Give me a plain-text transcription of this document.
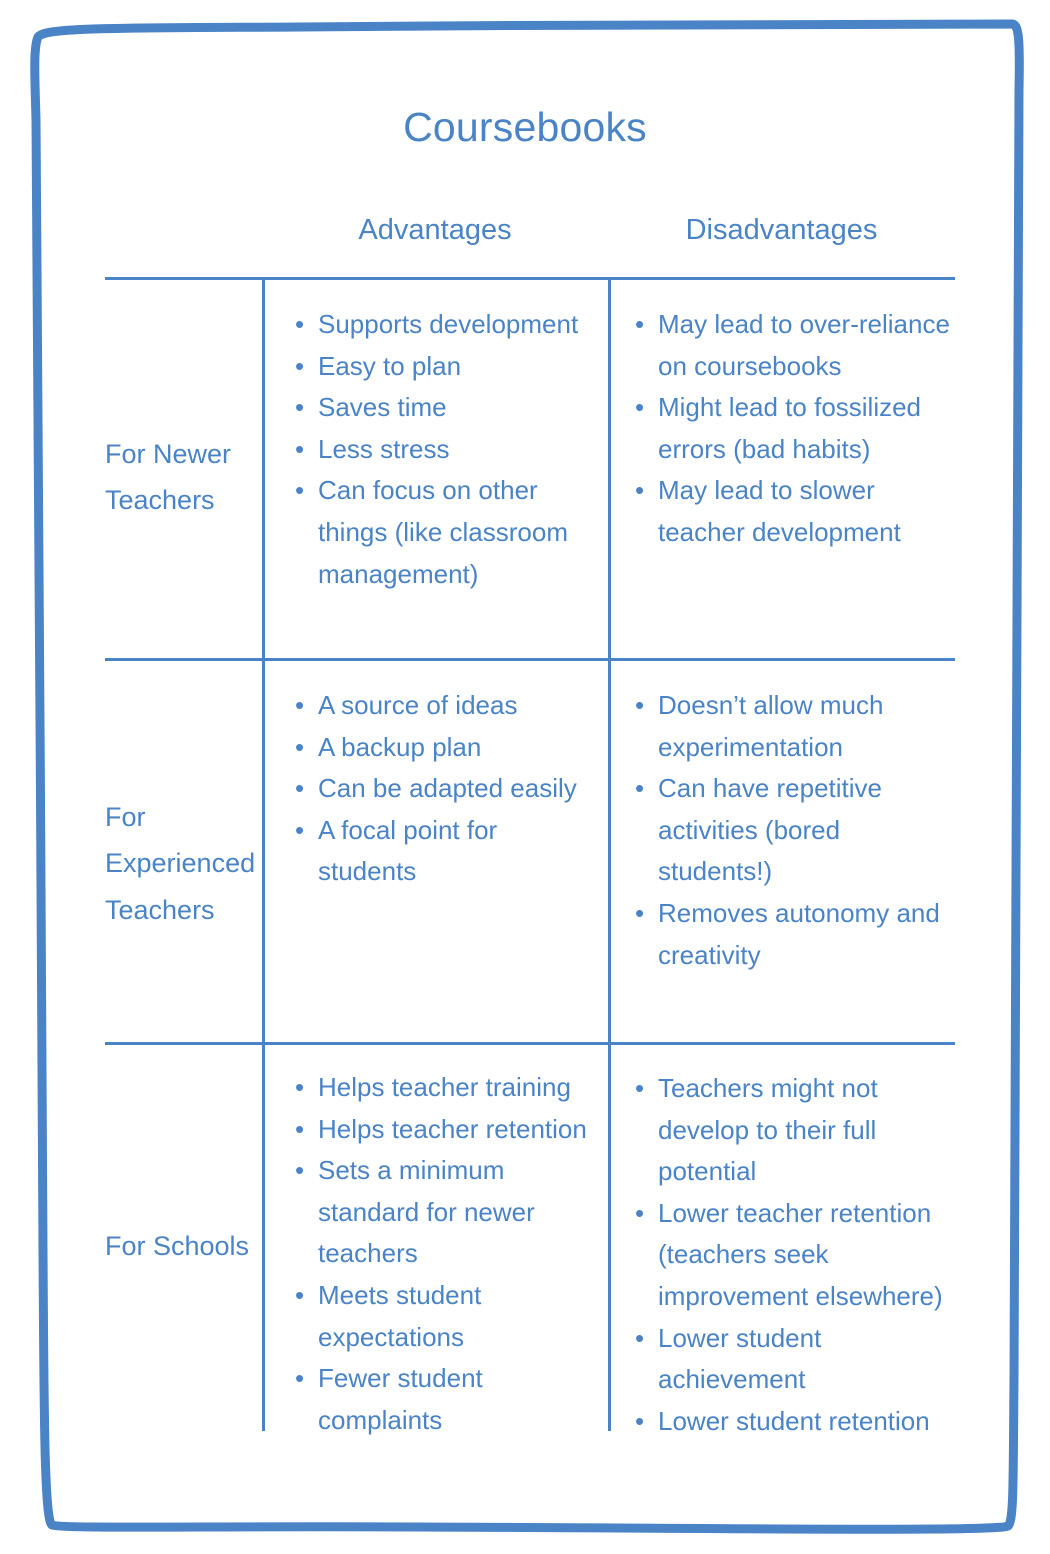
Coursebooks
Advantages	Disadvantages
For Newer Teachers
• Supports development
• Easy to plan
• Saves time
• Less stress
• Can focus on other things (like classroom management)
• May lead to over-reliance on coursebooks
• Might lead to fossilized errors (bad habits)
• May lead to slower teacher development
For Experienced Teachers
• A source of ideas
• A backup plan
• Can be adapted easily
• A focal point for students
• Doesn’t allow much experimentation
• Can have repetitive activities (bored students!)
• Removes autonomy and creativity
For Schools
• Helps teacher training
• Helps teacher retention
• Sets a minimum standard for newer teachers
• Meets student expectations
• Fewer student complaints
• Teachers might not develop to their full potential
• Lower teacher retention (teachers seek improvement elsewhere)
• Lower student achievement
• Lower student retention
